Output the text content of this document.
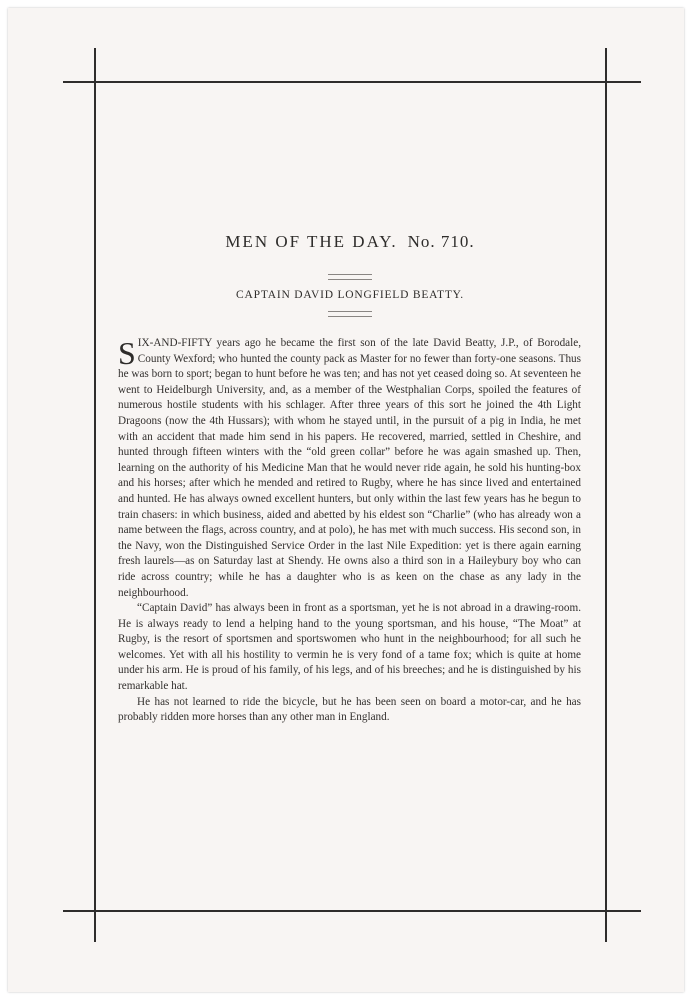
MEN OF THE DAY. No. 710.
CAPTAIN DAVID LONGFIELD BEATTY.

SIX-AND-FIFTY years ago he became the first son of the late David Beatty, J.P., of Borodale, County Wexford; who hunted the county pack as Master for no fewer than forty-one seasons. Thus he was born to sport; began to hunt before he was ten; and has not yet ceased doing so. At seventeen he went to Heidelburgh University, and, as a member of the Westphalian Corps, spoiled the features of numerous hostile students with his schlager. After three years of this sort he joined the 4th Light Dragoons (now the 4th Hussars); with whom he stayed until, in the pursuit of a pig in India, he met with an accident that made him send in his papers. He recovered, married, settled in Cheshire, and hunted through fifteen winters with the “old green collar” before he was again smashed up. Then, learning on the authority of his Medicine Man that he would never ride again, he sold his hunting-box and his horses; after which he mended and retired to Rugby, where he has since lived and entertained and hunted. He has always owned excellent hunters, but only within the last few years has he begun to train chasers: in which business, aided and abetted by his eldest son “Charlie” (who has already won a name between the flags, across country, and at polo), he has met with much success. His second son, in the Navy, won the Distinguished Service Order in the last Nile Expedition: yet is there again earning fresh laurels—as on Saturday last at Shendy. He owns also a third son in a Haileybury boy who can ride across country; while he has a daughter who is as keen on the chase as any lady in the neighbourhood.

“Captain David” has always been in front as a sportsman, yet he is not abroad in a drawing-room. He is always ready to lend a helping hand to the young sportsman, and his house, “The Moat” at Rugby, is the resort of sportsmen and sportswomen who hunt in the neighbourhood; for all such he welcomes. Yet with all his hostility to vermin he is very fond of a tame fox; which is quite at home under his arm. He is proud of his family, of his legs, and of his breeches; and he is distinguished by his remarkable hat.

He has not learned to ride the bicycle, but he has been seen on board a motor-car, and he has probably ridden more horses than any other man in England.
